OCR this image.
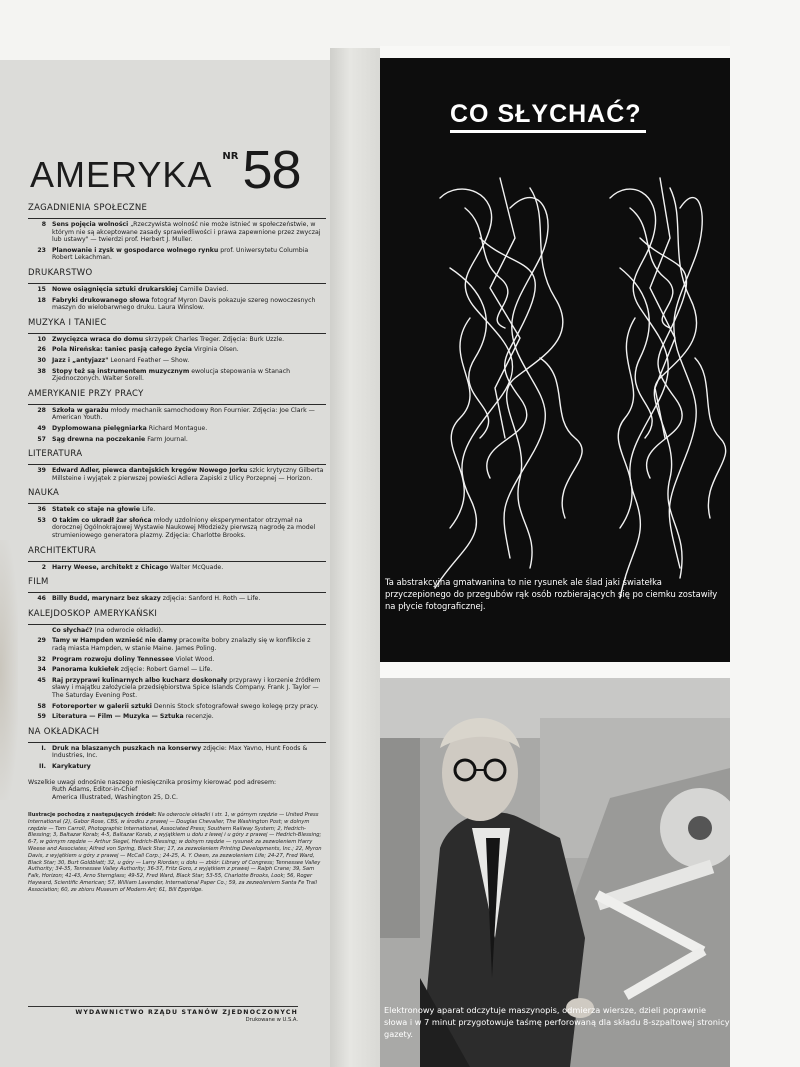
AMERYKA NR 58
ZAGADNIENIA SPOŁECZNE
8 Sens pojęcia wolności „Rzeczywista wolność nie może istnieć w społeczeństwie, w którym nie są akceptowane zasady sprawiedliwości i prawa zapewnione przez zwyczaj lub ustawy" — twierdzi prof. Herbert J. Muller.
23 Planowanie i zysk w gospodarce wolnego rynku prof. Uniwersytetu Columbia Robert Lekachman.
DRUKARSTWO
15 Nowe osiągnięcia sztuki drukarskiej Camille Davied.
18 Fabryki drukowanego słowa fotograf Myron Davis pokazuje szereg nowoczesnych maszyn do wielobarwnego druku. Laura Winslow.
MUZYKA I TANIEC
10 Zwycięzca wraca do domu skrzypek Charles Treger. Zdjęcia: Burk Uzzle.
26 Pola Nireńska: taniec pasją całego życia Virginia Olsen.
30 Jazz i „antyjazz" Leonard Feather — Show.
38 Stopy też są instrumentem muzycznym ewolucja stepowania w Stanach Zjednoczonych. Walter Sorell.
AMERYKANIE PRZY PRACY
28 Szkoła w garażu młody mechanik samochodowy Ron Fournier. Zdjęcia: Joe Clark — American Youth.
49 Dyplomowana pielęgniarka Richard Montague.
57 Sąg drewna na poczekanie Farm Journal.
LITERATURA
39 Edward Adler, piewca dantejskich kręgów Nowego Jorku szkic krytyczny Gilberta Millsteine i wyjątek z pierwszej powieści Adlera Zapiski z Ulicy Porzepnej — Horizon.
NAUKA
36 Statek co staje na głowie Life.
53 O takim co ukradł żar słońca młody uzdolniony eksperymentator otrzymał na dorocznej Ogólnokrajowej Wystawie Naukowej Młodzieży pierwszą nagrodę za model strumieniowego generatora plazmy. Zdjęcia: Charlotte Brooks.
ARCHITEKTURA
2 Harry Weese, architekt z Chicago Walter McQuade.
FILM
46 Billy Budd, marynarz bez skazy zdjęcia: Sanford H. Roth — Life.
KALEJDOSKOP AMERYKAŃSKI
Co słychać? (na odwrocie okładki).
29 Tamy w Hampden wznieść nie damy pracowite bobry znalazły się w konflikcie z radą miasta Hampden, w stanie Maine. James Poling.
32 Program rozwoju doliny Tennessee Violet Wood.
34 Panorama kukiełek zdjęcie: Robert Gamel — Life.
45 Raj przyprawi kulinarnych albo kucharz doskonały przyprawy i korzenie źródłem sławy i majątku założyciela przedsiębiorstwa Spice Islands Company. Frank J. Taylor — The Saturday Evening Post.
58 Fotoreporter w galerii sztuki Dennis Stock sfotografował swego kolegę przy pracy.
59 Literatura — Film — Muzyka — Sztuka recenzje.
NA OKŁADKACH
I. Druk na blaszanych puszkach na konserwy zdjęcie: Max Yavno, Hunt Foods & Industries, Inc.
II. Karykatury
Wszelkie uwagi odnośnie naszego miesięcznika prosimy kierować pod adresem:
Ruth Adams, Editor-in-Chief
America Illustrated, Washington 25, D.C.
Ilustracje pochodzą z następujących źródeł: Na odwrocie okładki i str. 1, w górnym rzędzie — United Press International (2), Gabor Rose, CBS, w środku z prawej — Douglas Chevalier, The Washington Post; w dolnym rzędzie — Tom Carroll, Photographic International, Associated Press; Southern Railway System; 2, Hedrich-Blessing; 3, Baltazar Korab; 4-5, Baltazar Korab, z wyjątkiem u dołu z lewej i u góry z prawej — Hedrich-Blessing; 6-7, w górnym rzędzie — Arthur Siegel, Hedrich-Blessing; w dolnym rzędzie — rysunek za zezwoleniem Harry Weese and Associates; Alfred von Spring, Black Star; 17, za zezwoleniem Printing Developments, Inc.; 22, Myron Davis, z wyjątkiem u góry z prawej — McCall Corp.; 24-25, A. Y. Owen, za zezwoleniem Life; 24-27, Fred Ward, Black Star; 30, Burt Goldblatt; 32, u góry — Larry Riordan; u dołu — zbiór: Library of Congress; Tennessee Valley Authority; 34-35, Tennessee Valley Authority; 36-37, Fritz Goro, z wyjątkiem z prawej — Ralph Crane; 39, Sam Falk, Horizon; 41-43, Arno Sternglass; 49-52, Fred Ward, Black Star; 53-55, Charlotte Brooks, Look; 56, Roger Hayward, Scientific American; 57, William Lavender, International Paper Co.; 59, za zezwoleniem Santa Fe Trail Association; 60, ze zbioru Museum of Modern Art; 61, Bill Eppridge.
WYDAWNICTWO RZĄDU STANÓW ZJEDNOCZONYCH
Drukowane w U.S.A.
CO SŁYCHAĆ?
Ta abstrakcyjna gmatwanina to nie rysunek ale ślad jaki światełka przyczepionego do przegubów rąk osób rozbierających się po ciemku zostawiły na płycie fotograficznej.
Elektronowy aparat odczytuje maszynopis, odmierza wiersze, dzieli poprawnie słowa i w 7 minut przygotowuje taśmę perforowaną dla składu 8-szpaltowej stronicy gazety.
